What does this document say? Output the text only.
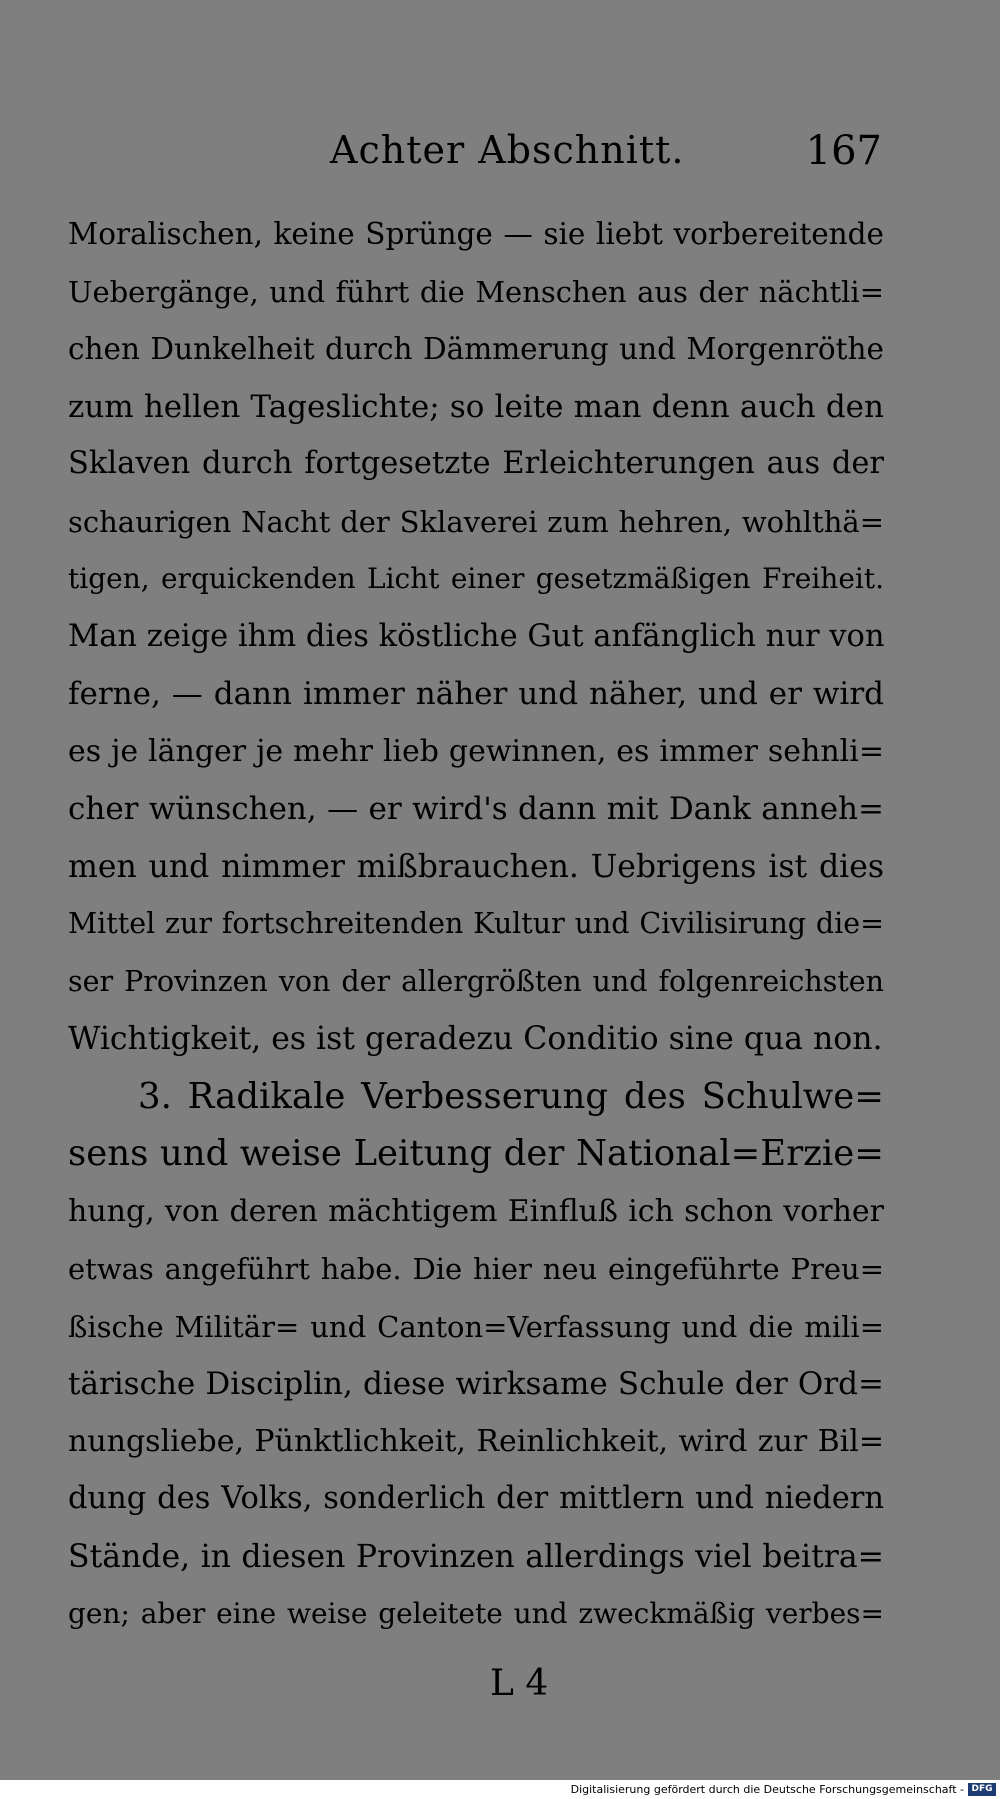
Achter Abschnitt.	167
Moralischen, keine Sprünge — sie liebt vorbereitende
Uebergänge, und führt die Menschen aus der nächtli=
chen Dunkelheit durch Dämmerung und Morgenröthe
zum hellen Tageslichte; so leite man denn auch den
Sklaven durch fortgesetzte Erleichterungen aus der
schaurigen Nacht der Sklaverei zum hehren, wohlthä=
tigen, erquickenden Licht einer gesetzmäßigen Freiheit.
Man zeige ihm dies köstliche Gut anfänglich nur von
ferne, — dann immer näher und näher, und er wird
es je länger je mehr lieb gewinnen, es immer sehnli=
cher wünschen, — er wird's dann mit Dank anneh=
men und nimmer mißbrauchen. Uebrigens ist dies
Mittel zur fortschreitenden Kultur und Civilisirung die=
ser Provinzen von der allergrößten und folgenreichsten
Wichtigkeit, es ist geradezu Conditio sine qua non.
3. Radikale Verbesserung des Schulwe=
sens und weise Leitung der National=Erzie=
hung, von deren mächtigem Einfluß ich schon vorher
etwas angeführt habe. Die hier neu eingeführte Preu=
ßische Militär= und Canton=Verfassung und die mili=
tärische Disciplin, diese wirksame Schule der Ord=
nungsliebe, Pünktlichkeit, Reinlichkeit, wird zur Bil=
dung des Volks, sonderlich der mittlern und niedern
Stände, in diesen Provinzen allerdings viel beitra=
gen; aber eine weise geleitete und zweckmäßig verbes=
L 4
Digitalisierung gefördert durch die Deutsche Forschungsgemeinschaft - DFG
